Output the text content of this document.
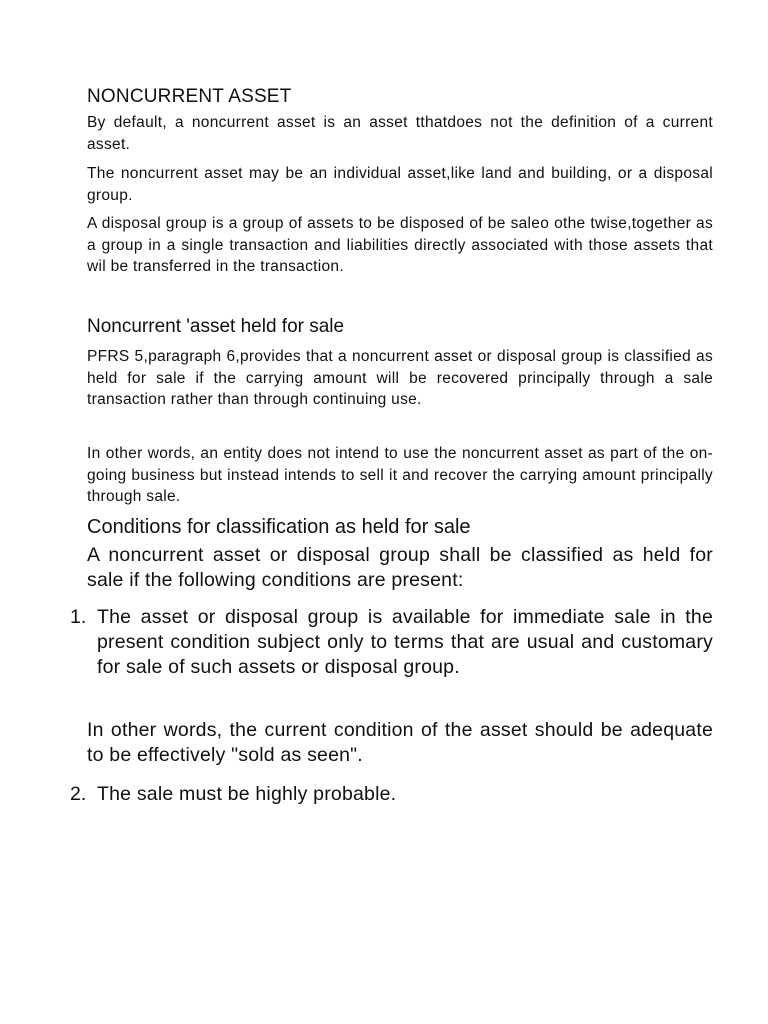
NONCURRENT ASSET
By default, a noncurrent asset is an asset tthatdoes not the definition of a current asset.
The noncurrent asset may be an individual asset,like land and building, or a disposal group.
A disposal group is a group of assets to be disposed of be saleo othe twise,together as a group in a single transaction and liabilities directly associated with those assets that wil be transferred in the transaction.
Noncurrent 'asset held for sale
PFRS 5,paragraph 6,provides that a noncurrent asset or disposal group is classified as held for sale if the carrying amount will be recovered principally through a sale transaction rather than through continuing use.
In other words, an entity does not intend to use the noncurrent asset as part of the on-going business but instead intends to sell it and recover the carrying amount principally through sale.
Conditions for classification as held for sale
A noncurrent asset or disposal group shall be classified as held for sale if the following conditions are present:
1. The asset or disposal group is available for immediate sale in the present condition subject only to terms that are usual and customary for sale of such assets or disposal group.
In other words, the current condition of the asset should be adequate to be effectively "sold as seen".
2. The sale must be highly probable.
